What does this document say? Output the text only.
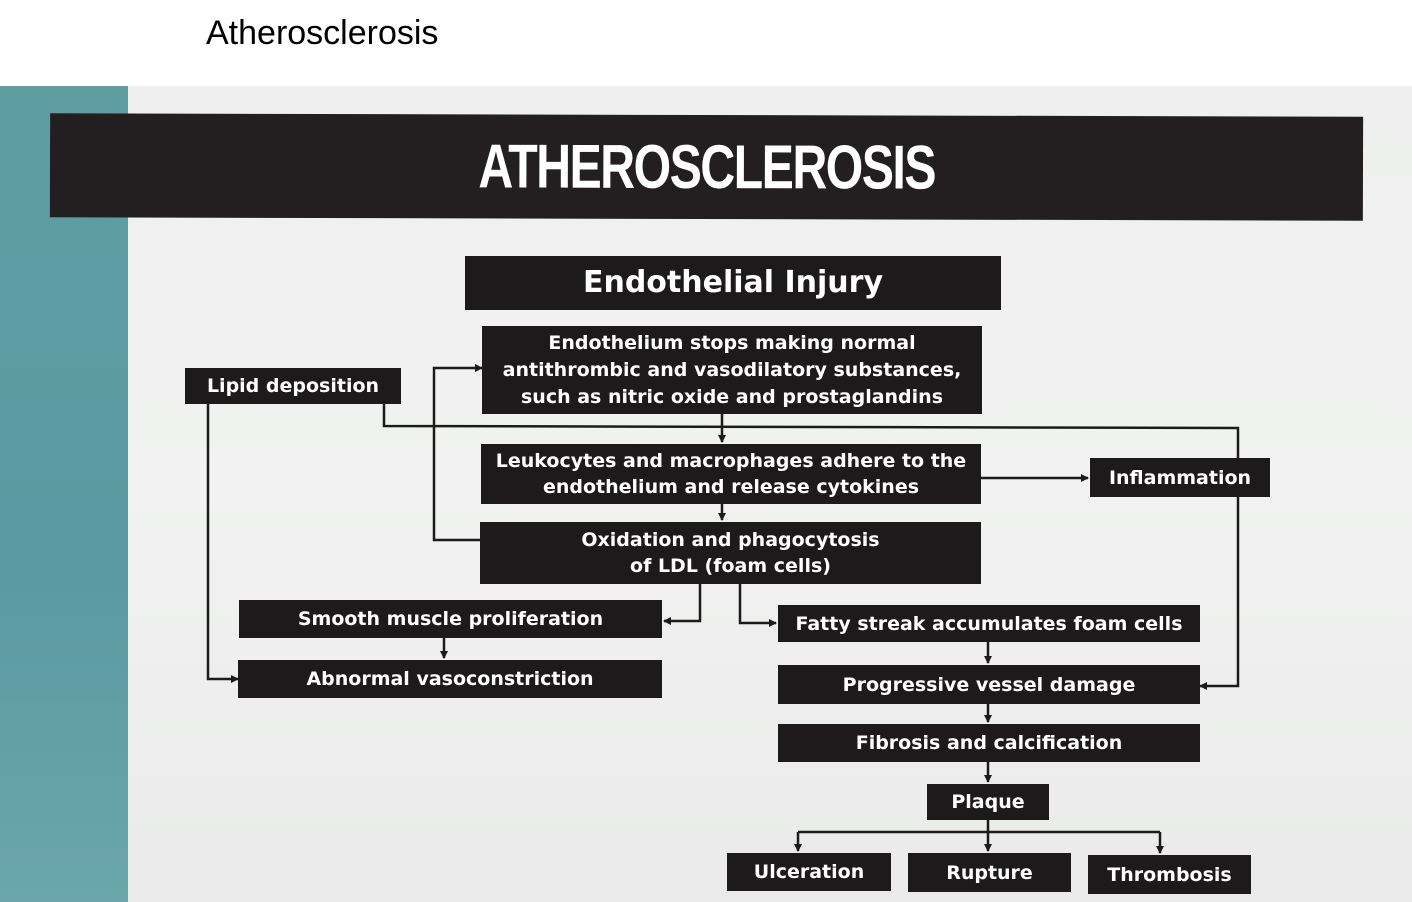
Atherosclerosis
ATHEROSCLEROSIS
Endothelial Injury
Endothelium stops making normal antithrombic and vasodilatory substances, such as nitric oxide and prostaglandins
Lipid deposition
Leukocytes and macrophages adhere to the endothelium and release cytokines	Inflammation
Oxidation and phagocytosis of LDL (foam cells)
Smooth muscle proliferation	Fatty streak accumulates foam cells
Abnormal vasoconstriction	Progressive vessel damage
Fibrosis and calcification
Plaque
Ulceration	Rupture	Thrombosis
